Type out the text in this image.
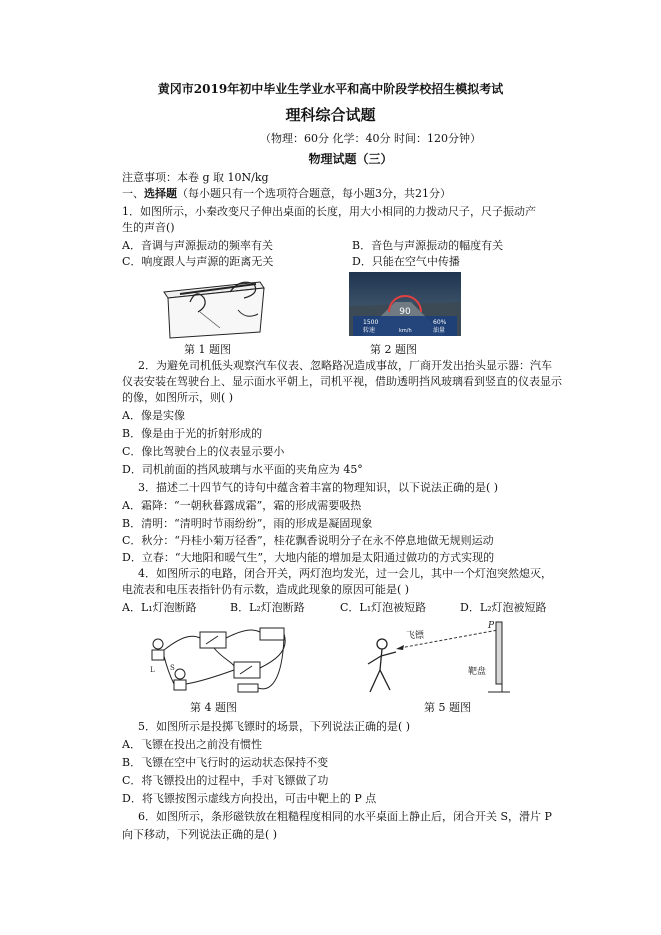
黄冈市2019年初中毕业生学业水平和高中阶段学校招生模拟考试
理科综合试题
（物理：60分 化学：40分 时间：120分钟）
物理试题（三）
注意事项：本卷 g 取 10N/kg
一、选择题（每小题只有一个选项符合题意，每小题3分，共21分）
1．如图所示，小秦改变尺子伸出桌面的长度，用大小相同的力拨动尺子，尺子振动产
生的声音()
A．音调与声源振动的频率有关	B．音色与声源振动的幅度有关
C．响度跟人与声源的距离无关	D．只能在空气中传播
第 1 题图
90
1500	60%
转速	km/h	油量
第 2 题图
2．为避免司机低头观察汽车仪表、忽略路况造成事故，厂商开发出抬头显示器：汽车
仪表安装在驾驶台上、显示面水平朝上，司机平视，借助透明挡风玻璃看到竖直的仪表显示
的像，如图所示，则( )
A．像是实像
B．像是由于光的折射形成的
C．像比驾驶台上的仪表显示要小
D．司机前面的挡风玻璃与水平面的夹角应为 45°
3．描述二十四节气的诗句中蕴含着丰富的物理知识，以下说法正确的是( )
A．霜降：“一朝秋暮露成霜”，霜的形成需要吸热
B．清明：“清明时节雨纷纷”，雨的形成是凝固现象
C．秋分：“丹桂小菊万径香”，桂花飘香说明分子在永不停息地做无规则运动
D．立春：“大地阳和暖气生”，大地内能的增加是太阳通过做功的方式实现的
4．如图所示的电路，闭合开关，两灯泡均发光，过一会儿，其中一个灯泡突然熄灭，
电流表和电压表指针仍有示数，造成此现象的原因可能是( )
A．L₁灯泡断路	B．L₂灯泡断路	C．L₁灯泡被短路	D．L₂灯泡被短路
L S
第 4 题图
飞镖
P
靶盘
第 5 题图
5．如图所示是投掷飞镖时的场景，下列说法正确的是( )
A．飞镖在投出之前没有惯性
B．飞镖在空中飞行时的运动状态保持不变
C．将飞镖投出的过程中，手对飞镖做了功
D．将飞镖按图示虚线方向投出，可击中靶上的 P 点
6．如图所示，条形磁铁放在粗糙程度相同的水平桌面上静止后，闭合开关 S，滑片 P
向下移动，下列说法正确的是( )
